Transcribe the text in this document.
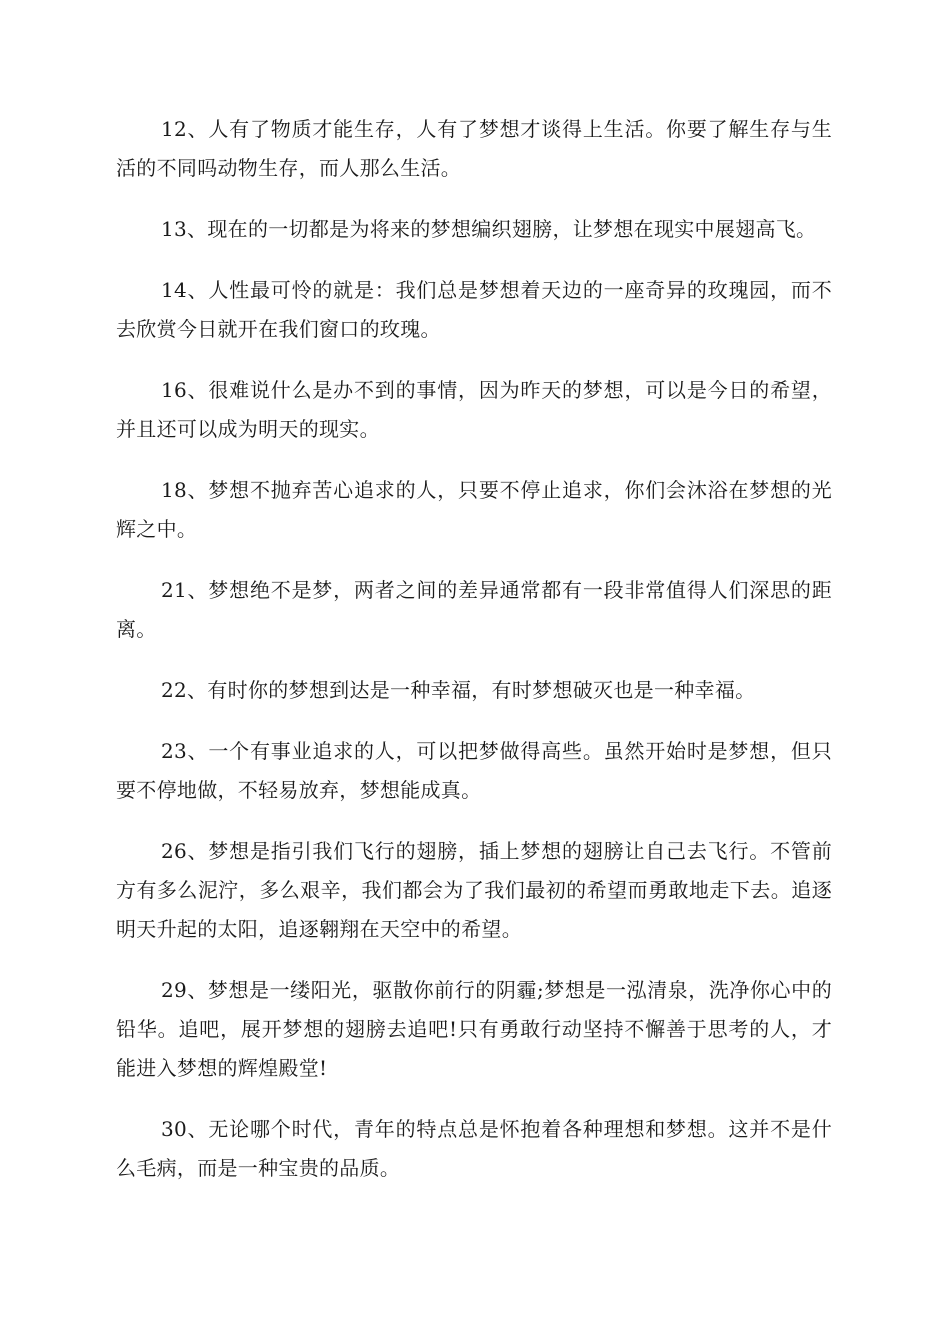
12、人有了物质才能生存，人有了梦想才谈得上生活。你要了解生存与生活的不同吗动物生存，而人那么生活。

13、现在的一切都是为将来的梦想编织翅膀，让梦想在现实中展翅高飞。

14、人性最可怜的就是：我们总是梦想着天边的一座奇异的玫瑰园，而不去欣赏今日就开在我们窗口的玫瑰。

16、很难说什么是办不到的事情，因为昨天的梦想，可以是今日的希望，并且还可以成为明天的现实。

18、梦想不抛弃苦心追求的人，只要不停止追求，你们会沐浴在梦想的光辉之中。

21、梦想绝不是梦，两者之间的差异通常都有一段非常值得人们深思的距离。

22、有时你的梦想到达是一种幸福，有时梦想破灭也是一种幸福。

23、一个有事业追求的人，可以把梦做得高些。虽然开始时是梦想，但只要不停地做，不轻易放弃，梦想能成真。

26、梦想是指引我们飞行的翅膀，插上梦想的翅膀让自己去飞行。不管前方有多么泥泞，多么艰辛，我们都会为了我们最初的希望而勇敢地走下去。追逐明天升起的太阳，追逐翱翔在天空中的希望。

29、梦想是一缕阳光，驱散你前行的阴霾;梦想是一泓清泉，洗净你心中的铅华。追吧，展开梦想的翅膀去追吧!只有勇敢行动坚持不懈善于思考的人，才能进入梦想的辉煌殿堂!

30、无论哪个时代，青年的特点总是怀抱着各种理想和梦想。这并不是什么毛病，而是一种宝贵的品质。
